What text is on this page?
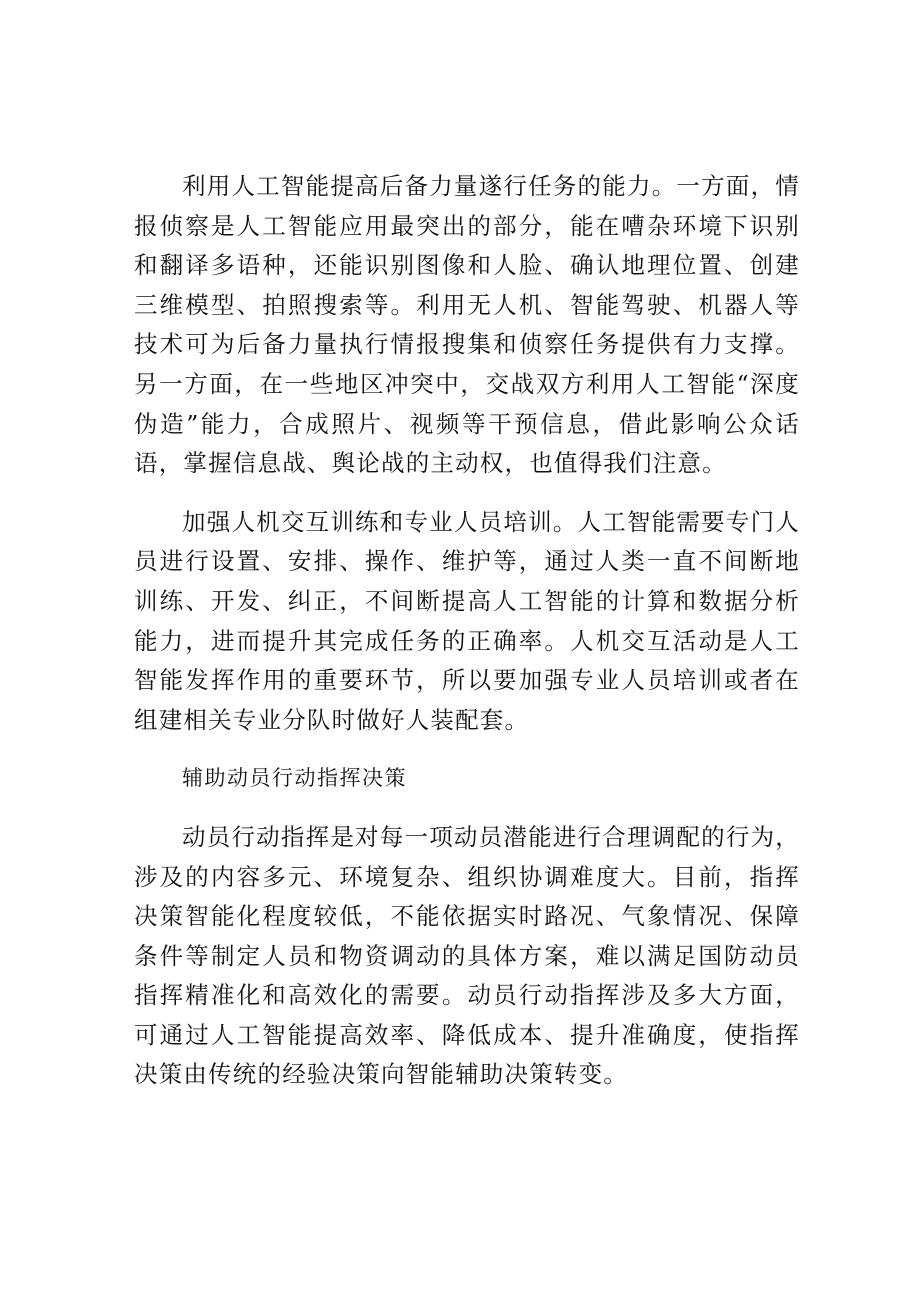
利用人工智能提高后备力量遂行任务的能力。一方面，情报侦察是人工智能应用最突出的部分，能在嘈杂环境下识别和翻译多语种，还能识别图像和人脸、确认地理位置、创建三维模型、拍照搜索等。利用无人机、智能驾驶、机器人等技术可为后备力量执行情报搜集和侦察任务提供有力支撑。另一方面，在一些地区冲突中，交战双方利用人工智能“深度伪造”能力，合成照片、视频等干预信息，借此影响公众话语，掌握信息战、舆论战的主动权，也值得我们注意。

加强人机交互训练和专业人员培训。人工智能需要专门人员进行设置、安排、操作、维护等，通过人类一直不间断地训练、开发、纠正，不间断提高人工智能的计算和数据分析能力，进而提升其完成任务的正确率。人机交互活动是人工智能发挥作用的重要环节，所以要加强专业人员培训或者在组建相关专业分队时做好人装配套。

辅助动员行动指挥决策

动员行动指挥是对每一项动员潜能进行合理调配的行为，涉及的内容多元、环境复杂、组织协调难度大。目前，指挥决策智能化程度较低，不能依据实时路况、气象情况、保障条件等制定人员和物资调动的具体方案，难以满足国防动员指挥精准化和高效化的需要。动员行动指挥涉及多大方面，可通过人工智能提高效率、降低成本、提升准确度，使指挥决策由传统的经验决策向智能辅助决策转变。
